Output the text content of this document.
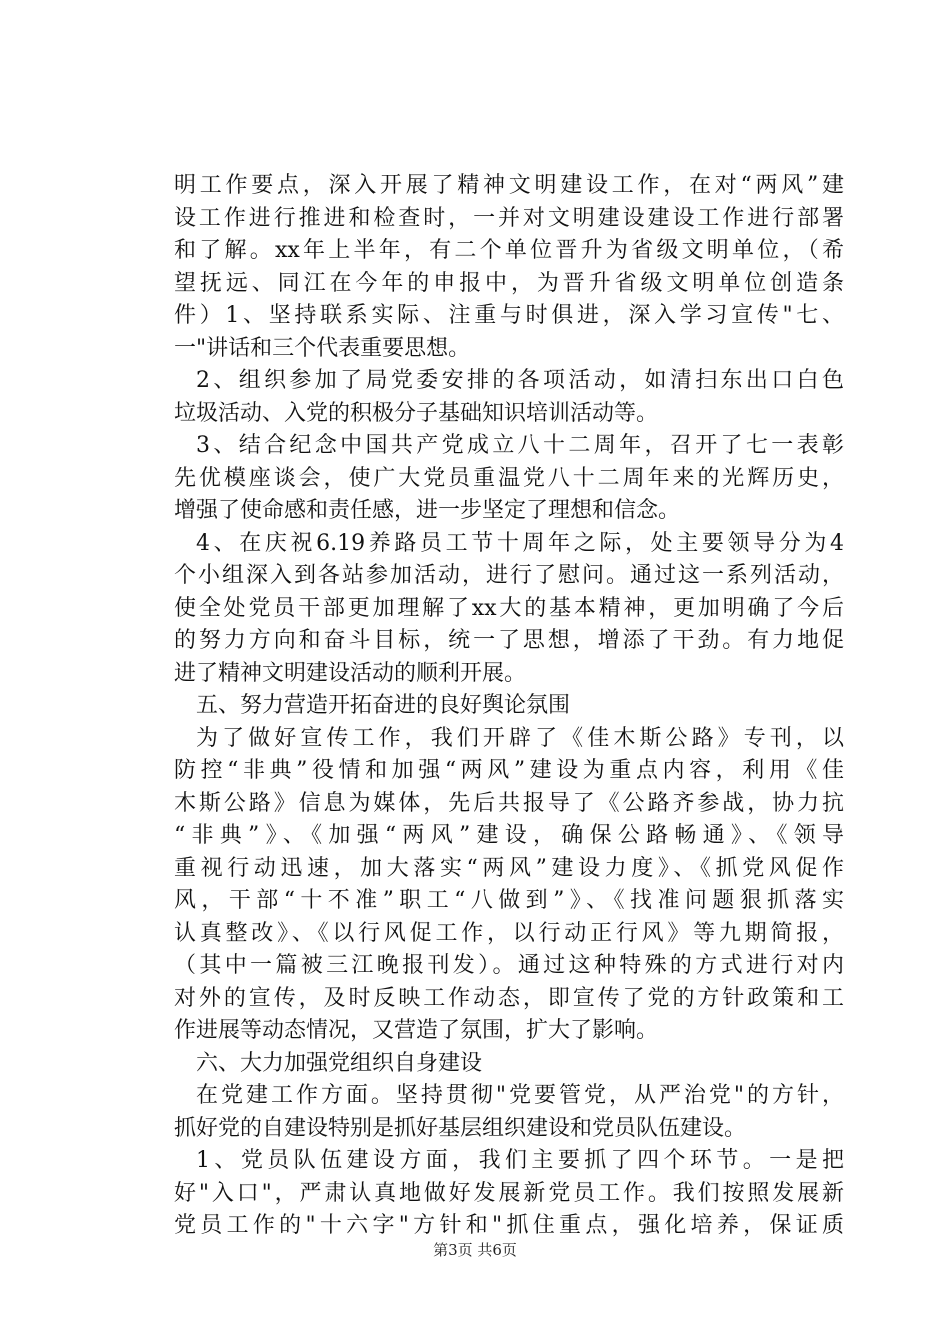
明工作要点，深入开展了精神文明建设工作，在对“两风”建
设工作进行推进和检查时，一并对文明建设建设工作进行部署
和了解。xx年上半年，有二个单位晋升为省级文明单位，（希
望抚远、同江在今年的申报中，为晋升省级文明单位创造条
件）1、坚持联系实际、注重与时俱进，深入学习宣传"七、
一"讲话和三个代表重要思想。
2、组织参加了局党委安排的各项活动，如清扫东出口白色
垃圾活动、入党的积极分子基础知识培训活动等。
3、结合纪念中国共产党成立八十二周年，召开了七一表彰
先优模座谈会，使广大党员重温党八十二周年来的光辉历史，
增强了使命感和责任感，进一步坚定了理想和信念。
4、在庆祝6.19养路员工节十周年之际，处主要领导分为4
个小组深入到各站参加活动，进行了慰问。通过这一系列活动，
使全处党员干部更加理解了xx大的基本精神，更加明确了今后
的努力方向和奋斗目标，统一了思想，增添了干劲。有力地促
进了精神文明建设活动的顺利开展。
五、努力营造开拓奋进的良好舆论氛围
为了做好宣传工作，我们开辟了《佳木斯公路》专刊，以
防控“非典”役情和加强“两风”建设为重点内容，利用《佳
木斯公路》信息为媒体，先后共报导了《公路齐参战，协力抗
“非典”》、《加强“两风”建设，确保公路畅通》、《领导
重视行动迅速，加大落实“两风”建设力度》、《抓党风促作
风，干部“十不准”职工“八做到”》、《找准问题狠抓落实
认真整改》、《以行风促工作，以行动正行风》等九期简报，
（其中一篇被三江晚报刊发）。通过这种特殊的方式进行对内
对外的宣传，及时反映工作动态，即宣传了党的方针政策和工
作进展等动态情况，又营造了氛围，扩大了影响。
六、大力加强党组织自身建设
在党建工作方面。坚持贯彻"党要管党，从严治党"的方针，
抓好党的自建设特别是抓好基层组织建设和党员队伍建设。
1、党员队伍建设方面，我们主要抓了四个环节。一是把
好"入口"，严肃认真地做好发展新党员工作。我们按照发展新
党员工作的"十六字"方针和"抓住重点，强化培养，保证质
第3页 共6页
